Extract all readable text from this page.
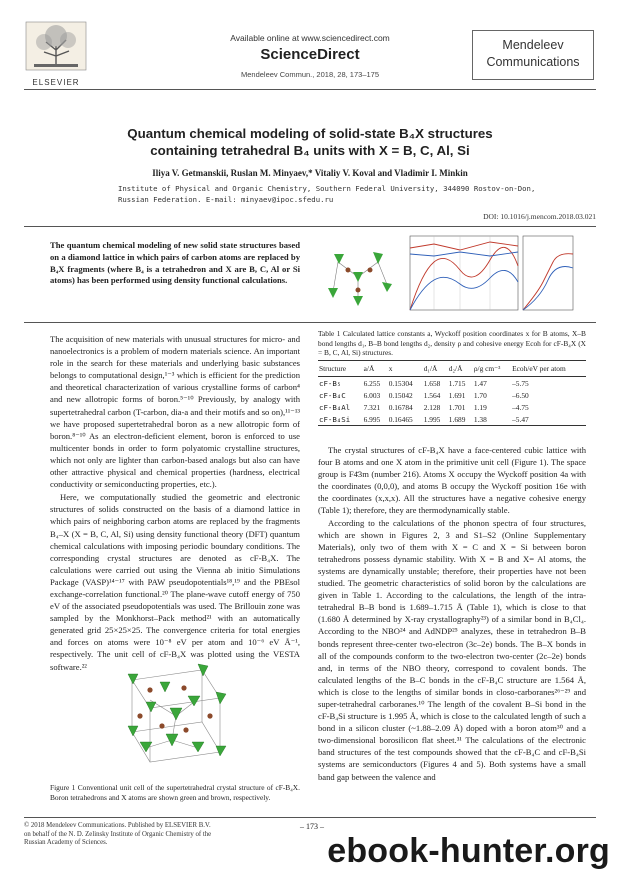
ELSEVIER
Available online at www.sciencedirect.com
ScienceDirect
Mendeleev Commun., 2018, 28, 173–175
Mendeleev
Communications
Quantum chemical modeling of solid-state B₄X structures
containing tetrahedral B₄ units with X = B, C, Al, Si
Iliya V. Getmanskii, Ruslan M. Minyaev,* Vitaliy V. Koval and Vladimir I. Minkin
Institute of Physical and Organic Chemistry, Southern Federal University, 344090 Rostov-on-Don,
Russian Federation. E-mail: minyaev@ipoc.sfedu.ru
DOI: 10.1016/j.mencom.2018.03.021
The quantum chemical modeling of new solid state structures based on a diamond lattice in which pairs of carbon atoms are replaced by B₄X fragments (where B₄ is a tetrahedron and X are B, C, Al or Si atoms) has been performed using density functional calculations.

The acquisition of new materials with unusual structures for micro- and nanoelectronics is a problem of modern materials science. An important role in the search for these materials and underlying basic substances belongs to computational design,¹⁻³ which is efficient for the prediction and theoretical characterization of various crystalline forms of carbon⁴ and new allotropic forms of boron.⁵⁻¹⁰ Previously, by analogy with supertetrahedral carbon (T-carbon, dia-a and their motifs and so on),¹¹⁻¹³ we have proposed supertetrahedral boron as a new allotropic form of boron.⁸⁻¹⁰ As an electron-deficient element, boron is enforced to use multicenter bonds in order to form polyatomic crystalline structures, which not only are lighter than carbon-based analogs but also can have other attractive physical and chemical properties (hardness, electrical conductivity or semiconducting properties, etc.).

Here, we computationally studied the geometric and electronic structures of solids constructed on the basis of a diamond lattice in which pairs of neighboring carbon atoms are replaced by the fragments B₄–X (X = B, C, Al, Si) using density functional theory (DFT) quantum chemical calculations with imposing periodic boundary conditions. The corresponding crystal structures are denoted as cF-B₄X. The calculations were carried out using the Vienna ab initio Simulations Package (VASP)¹⁴⁻¹⁷ with PAW pseudopotentials¹⁸,¹⁹ and the PBEsol exchange-correlation functional.²⁰ The plane-wave cutoff energy of 750 eV of the associated pseudopotentials was used. The Brillouin zone was sampled by the Monkhorst–Pack method²¹ with an automatically generated grid 25×25×25. The convergence criteria for total energies and forces on atoms were 10⁻⁸ eV per atom and 10⁻⁶ eV Å⁻¹, respectively. The unit cell of cF-B₄X was plotted using the VESTA software.²²

Figure 1 Conventional unit cell of the supertetrahedral crystal structure of cF-B₄X. Boron tetrahedrons and X atoms are shown green and brown, respectively.
Table 1 Calculated lattice constants a, Wyckoff position coordinates x for B atoms, X–B bond lengths d₁, B–B bond lengths d₂, density ρ and cohesive energy Ecoh for cF-B₄X (X = B, C, Al, Si) structures.
Structure	a/Å	x	d₁/Å	d₂/Å	ρ/g cm⁻³	Ecoh/eV per atom
cF-B₅	6.255	0.15304	1.658	1.715	1.47	–5.75
cF-B₄C	6.003	0.15042	1.564	1.691	1.70	–6.50
cF-B₄Al	7.321	0.16784	2.128	1.701	1.19	–4.75
cF-B₄Si	6.995	0.16465	1.995	1.689	1.38	–5.47

The crystal structures of cF-B₄X have a face-centered cubic lattice with four B atoms and one X atom in the primitive unit cell (Figure 1). The space group is F4̄3m (number 216). Atoms X occupy the Wyckoff position 4a with the coordinates (0,0,0), and atoms B occupy the Wyckoff position 16e with the coordinates (x,x,x). All the structures have a negative cohesive energy (Table 1); therefore, they are thermodynamically stable.

According to the calculations of the phonon spectra of four structures, which are shown in Figures 2, 3 and S1–S2 (Online Supplementary Materials), only two of them with X = C and X = Si between boron tetrahedrons possess dynamic stability. With X = B and X= Al atoms, the systems are dynamically unstable; therefore, their properties have not been studied. The geometric characteristics of solid boron by the calculations are given in Table 1. According to the calculations, the length of the intra-tetrahedral B–B bond is 1.689–1.715 Å (Table 1), which is close to that (1.680 Å determined by X-ray crystallography²³) of a similar bond in B₄Cl₄. According to the NBO²⁴ and AdNDP²⁵ analyzes, these in tetrahedron B–B bonds represent three-center two-electron (3c–2e) bonds. The B–X bonds in all of the compounds conform to the two-electron two-center (2c–2e) bonds and, in terms of the NBO theory, correspond to covalent bonds. The calculated lengths of the B–C bonds in the cF-B₄C structure are 1.564 Å, which is close to the lengths of similar bonds in closo-carboranes²⁶⁻²⁹ and super-tetrahedral carboranes.¹⁰ The length of the covalent B–Si bond in the cF-B₄Si structure is 1.995 Å, which is close to the calculated length of such a bond in a silicon cluster (~1.88–2.09 Å) doped with a boron atom³⁰ and a two-dimensional borosilicon flat sheet.³¹ The calculations of the electronic band structures of the test compounds showed that the cF-B₄C and cF-B₄Si systems are semiconductors (Figures 4 and 5). Both systems have a small band gap between the valence and

© 2018 Mendeleev Communications. Published by ELSEVIER B.V.
on behalf of the N. D. Zelinsky Institute of Organic Chemistry of the
Russian Academy of Sciences.
– 173 –
ebook-hunter.org
